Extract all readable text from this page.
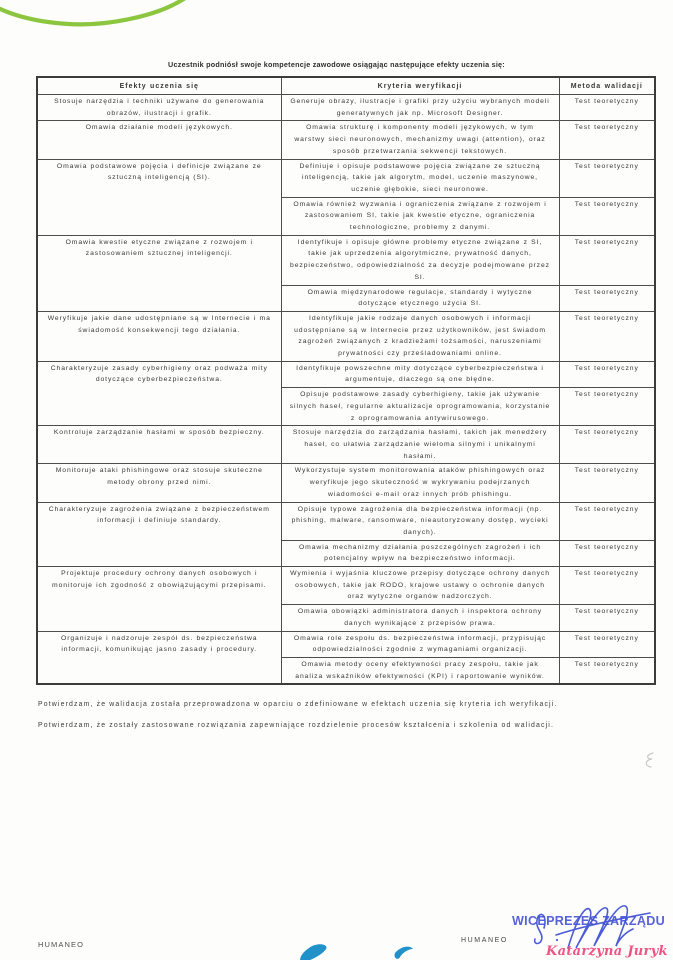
Uczestnik podniósł swoje kompetencje zawodowe osiągając następujące efekty uczenia się:
Efekty uczenia się	Kryteria weryfikacji	Metoda walidacji
Stosuje narzędzia i techniki używane do generowania obrazów, ilustracji i grafik.	Generuje obrazy, ilustracje i grafiki przy użyciu wybranych modeli generatywnych jak np. Microsoft Designer.	Test teoretyczny
Omawia działanie modeli językowych.	Omawia strukturę i komponenty modeli językowych, w tym warstwy sieci neuronowych, mechanizmy uwagi (attention), oraz sposób przetwarzania sekwencji tekstowych.	Test teoretyczny
Omawia podstawowe pojęcia i definicje związane ze sztuczną inteligencją (SI).	Definiuje i opisuje podstawowe pojęcia związane ze sztuczną inteligencją, takie jak algorytm, model, uczenie maszynowe, uczenie głębokie, sieci neuronowe.	Test teoretyczny
	Omawia również wyzwania i ograniczenia związane z rozwojem i zastosowaniem SI, takie jak kwestie etyczne, ograniczenia technologiczne, problemy z danymi.	Test teoretyczny
Omawia kwestie etyczne związane z rozwojem i zastosowaniem sztucznej inteligencji.	Identyfikuje i opisuje główne problemy etyczne związane z SI, takie jak uprzedzenia algorytmiczne, prywatność danych, bezpieczeństwo, odpowiedzialność za decyzje podejmowane przez SI.	Test teoretyczny
	Omawia międzynarodowe regulacje, standardy i wytyczne dotyczące etycznego użycia SI.	Test teoretyczny
Weryfikuje jakie dane udostępniane są w Internecie i ma świadomość konsekwencji tego działania.	Identyfikuje jakie rodzaje danych osobowych i informacji udostępniane są w Internecie przez użytkowników, jest świadom zagrożeń związanych z kradzieżami tożsamości, naruszeniami prywatności czy prześladowaniami online.	Test teoretyczny
Charakteryzuje zasady cyberhigieny oraz podważa mity dotyczące cyberbezpieczeństwa.	Identyfikuje powszechne mity dotyczące cyberbezpieczeństwa i argumentuje, dlaczego są one błędne.	Test teoretyczny
	Opisuje podstawowe zasady cyberhigieny, takie jak używanie silnych haseł, regularne aktualizacje oprogramowania, korzystanie z oprogramowania antywirusowego.	Test teoretyczny
Kontroluje zarządzanie hasłami w sposób bezpieczny.	Stosuje narzędzia do zarządzania hasłami, takich jak menedżery haseł, co ułatwia zarządzanie wieloma silnymi i unikalnymi hasłami.	Test teoretyczny
Monitoruje ataki phishingowe oraz stosuje skuteczne metody obrony przed nimi.	Wykorzystuje system monitorowania ataków phishingowych oraz weryfikuje jego skuteczność w wykrywaniu podejrzanych wiadomości e-mail oraz innych prób phishingu.	Test teoretyczny
Charakteryzuje zagrożenia związane z bezpieczeństwem informacji i definiuje standardy.	Opisuje typowe zagrożenia dla bezpieczeństwa informacji (np. phishing, malware, ransomware, nieautoryzowany dostęp, wycieki danych).	Test teoretyczny
	Omawia mechanizmy działania poszczególnych zagrożeń i ich potencjalny wpływ na bezpieczeństwo informacji.	Test teoretyczny
Projektuje procedury ochrony danych osobowych i monitoruje ich zgodność z obowiązującymi przepisami.	Wymienia i wyjaśnia kluczowe przepisy dotyczące ochrony danych osobowych, takie jak RODO, krajowe ustawy o ochronie danych oraz wytyczne organów nadzorczych.	Test teoretyczny
	Omawia obowiązki administratora danych i inspektora ochrony danych wynikające z przepisów prawa.	Test teoretyczny
Organizuje i nadzoruje zespół ds. bezpieczeństwa informacji, komunikując jasno zasady i procedury.	Omawia role zespołu ds. bezpieczeństwa informacji, przypisując odpowiedzialności zgodnie z wymaganiami organizacji.	Test teoretyczny
	Omawia metody oceny efektywności pracy zespołu, takie jak analiza wskaźników efektywności (KPI) i raportowanie wyników.	Test teoretyczny

Potwierdzam, że walidacja została przeprowadzona w oparciu o zdefiniowane w efektach uczenia się kryteria ich weryfikacji.

Potwierdzam, że zostały zastosowane rozwiązania zapewniające rozdzielenie procesów kształcenia i szkolenia od walidacji.

HUMANEO
WICEPREZES ZARZĄDU
Katarzyna Juryk
HUMANEO
